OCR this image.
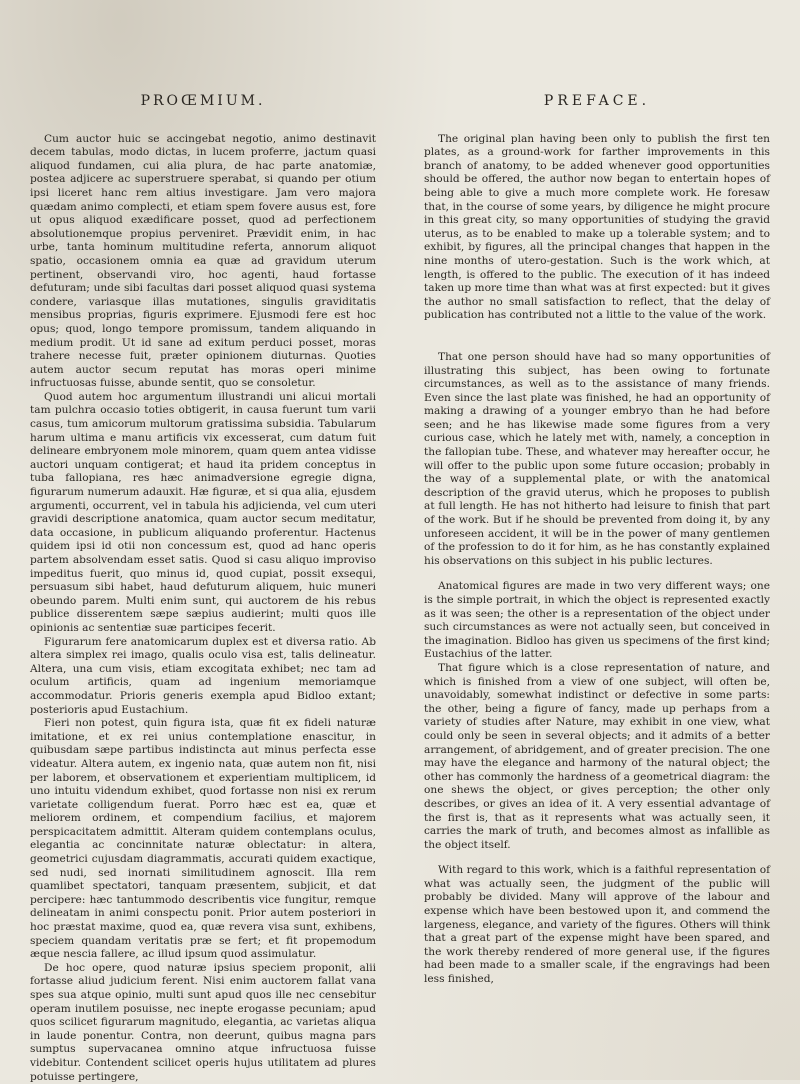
PROŒMIUM.

Cum auctor huic se accingebat negotio, animo destinavit decem tabulas, modo dictas, in lucem proferre, jactum quasi aliquod fundamen, cui alia plura, de hac parte anatomiæ, postea adjicere ac superstruere sperabat, si quando per otium ipsi liceret hanc rem altius investigare. Jam vero majora quædam animo complecti, et etiam spem fovere ausus est, fore ut opus aliquod exædificare posset, quod ad perfectionem absolutionemque propius perveniret. Prævidit enim, in hac urbe, tanta hominum multitudine referta, annorum aliquot spatio, occasionem omnia ea quæ ad gravidum uterum pertinent, observandi viro, hoc agenti, haud fortasse defuturam; unde sibi facultas dari posset aliquod quasi systema condere, variasque illas mutationes, singulis graviditatis mensibus proprias, figuris exprimere. Ejusmodi fere est hoc opus; quod, longo tempore promissum, tandem aliquando in medium prodit. Ut id sane ad exitum perduci posset, moras trahere necesse fuit, præter opinionem diuturnas. Quoties autem auctor secum reputat has moras operi minime infructuosas fuisse, abunde sentit, quo se consoletur.

Quod autem hoc argumentum illustrandi uni alicui mortali tam pulchra occasio toties obtigerit, in causa fuerunt tum varii casus, tum amicorum multorum gratissima subsidia. Tabularum harum ultima e manu artificis vix excesserat, cum datum fuit delineare embryonem mole minorem, quam quem antea vidisse auctori unquam contigerat; et haud ita pridem conceptus in tuba fallopiana, res hæc animadversione egregie digna, figurarum numerum adauxit. Hæ figuræ, et si qua alia, ejusdem argumenti, occurrent, vel in tabula his adjicienda, vel cum uteri gravidi descriptione anatomica, quam auctor secum meditatur, data occasione, in publicum aliquando proferentur. Hactenus quidem ipsi id otii non concessum est, quod ad hanc operis partem absolvendam esset satis. Quod si casu aliquo improviso impeditus fuerit, quo minus id, quod cupiat, possit exsequi, persuasum sibi habet, haud defuturum aliquem, huic muneri obeundo parem. Multi enim sunt, qui auctorem de his rebus publice disserentem sæpe sæpius audierint; multi quos ille opinionis ac sententiæ suæ participes fecerit.

Figurarum fere anatomicarum duplex est et diversa ratio. Ab altera simplex rei imago, qualis oculo visa est, talis delineatur. Altera, una cum visis, etiam excogitata exhibet; nec tam ad oculum artificis, quam ad ingenium memoriamque accommodatur. Prioris generis exempla apud Bidloo extant; posterioris apud Eustachium.

Fieri non potest, quin figura ista, quæ fit ex fideli naturæ imitatione, et ex rei unius contemplatione enascitur, in quibusdam sæpe partibus indistincta aut minus perfecta esse videatur. Altera autem, ex ingenio nata, quæ autem non fit, nisi per laborem, et observationem et experientiam multiplicem, id uno intuitu videndum exhibet, quod fortasse non nisi ex rerum varietate colligendum fuerat. Porro hæc est ea, quæ et meliorem ordinem, et compendium facilius, et majorem perspicacitatem admittit. Alteram quidem contemplans oculus, elegantia ac concinnitate naturæ oblectatur: in altera, geometrici cujusdam diagrammatis, accurati quidem exactique, sed nudi, sed inornati similitudinem agnoscit. Illa rem quamlibet spectatori, tanquam præsentem, subjicit, et dat percipere: hæc tantummodo describentis vice fungitur, remque delineatam in animi conspectu ponit. Prior autem posteriori in hoc præstat maxime, quod ea, quæ revera visa sunt, exhibens, speciem quandam veritatis præ se fert; et fit propemodum æque nescia fallere, ac illud ipsum quod assimulatur.

De hoc opere, quod naturæ ipsius speciem proponit, alii fortasse aliud judicium ferent. Nisi enim auctorem fallat vana spes sua atque opinio, multi sunt apud quos ille nec censebitur operam inutilem posuisse, nec inepte erogasse pecuniam; apud quos scilicet figurarum magnitudo, elegantia, ac varietas aliqua in laude ponentur. Contra, non deerunt, quibus magna pars sumptus supervacanea omnino atque infructuosa fuisse videbitur. Contendent scilicet operis hujus utilitatem ad plures potuisse pertingere,

PREFACE.

The original plan having been only to publish the first ten plates, as a ground-work for farther improvements in this branch of anatomy, to be added whenever good opportunities should be offered, the author now began to entertain hopes of being able to give a much more complete work. He foresaw that, in the course of some years, by diligence he might procure in this great city, so many opportunities of studying the gravid uterus, as to be enabled to make up a tolerable system; and to exhibit, by figures, all the principal changes that happen in the nine months of utero-gestation. Such is the work which, at length, is offered to the public. The execution of it has indeed taken up more time than what was at first expected: but it gives the author no small satisfaction to reflect, that the delay of publication has contributed not a little to the value of the work.

That one person should have had so many opportunities of illustrating this subject, has been owing to fortunate circumstances, as well as to the assistance of many friends. Even since the last plate was finished, he had an opportunity of making a drawing of a younger embryo than he had before seen; and he has likewise made some figures from a very curious case, which he lately met with, namely, a conception in the fallopian tube. These, and whatever may hereafter occur, he will offer to the public upon some future occasion; probably in the way of a supplemental plate, or with the anatomical description of the gravid uterus, which he proposes to publish at full length. He has not hitherto had leisure to finish that part of the work. But if he should be prevented from doing it, by any unforeseen accident, it will be in the power of many gentlemen of the profession to do it for him, as he has constantly explained his observations on this subject in his public lectures.

Anatomical figures are made in two very different ways; one is the simple portrait, in which the object is represented exactly as it was seen; the other is a representation of the object under such circumstances as were not actually seen, but conceived in the imagination. Bidloo has given us specimens of the first kind; Eustachius of the latter.

That figure which is a close representation of nature, and which is finished from a view of one subject, will often be, unavoidably, somewhat indistinct or defective in some parts: the other, being a figure of fancy, made up perhaps from a variety of studies after Nature, may exhibit in one view, what could only be seen in several objects; and it admits of a better arrangement, of abridgement, and of greater precision. The one may have the elegance and harmony of the natural object; the other has commonly the hardness of a geometrical diagram: the one shews the object, or gives perception; the other only describes, or gives an idea of it. A very essential advantage of the first is, that as it represents what was actually seen, it carries the mark of truth, and becomes almost as infallible as the object itself.

With regard to this work, which is a faithful representation of what was actually seen, the judgment of the public will probably be divided. Many will approve of the labour and expense which have been bestowed upon it, and commend the largeness, elegance, and variety of the figures. Others will think that a great part of the expense might have been spared, and the work thereby rendered of more general use, if the figures had been made to a smaller scale, if the engravings had been less finished,
